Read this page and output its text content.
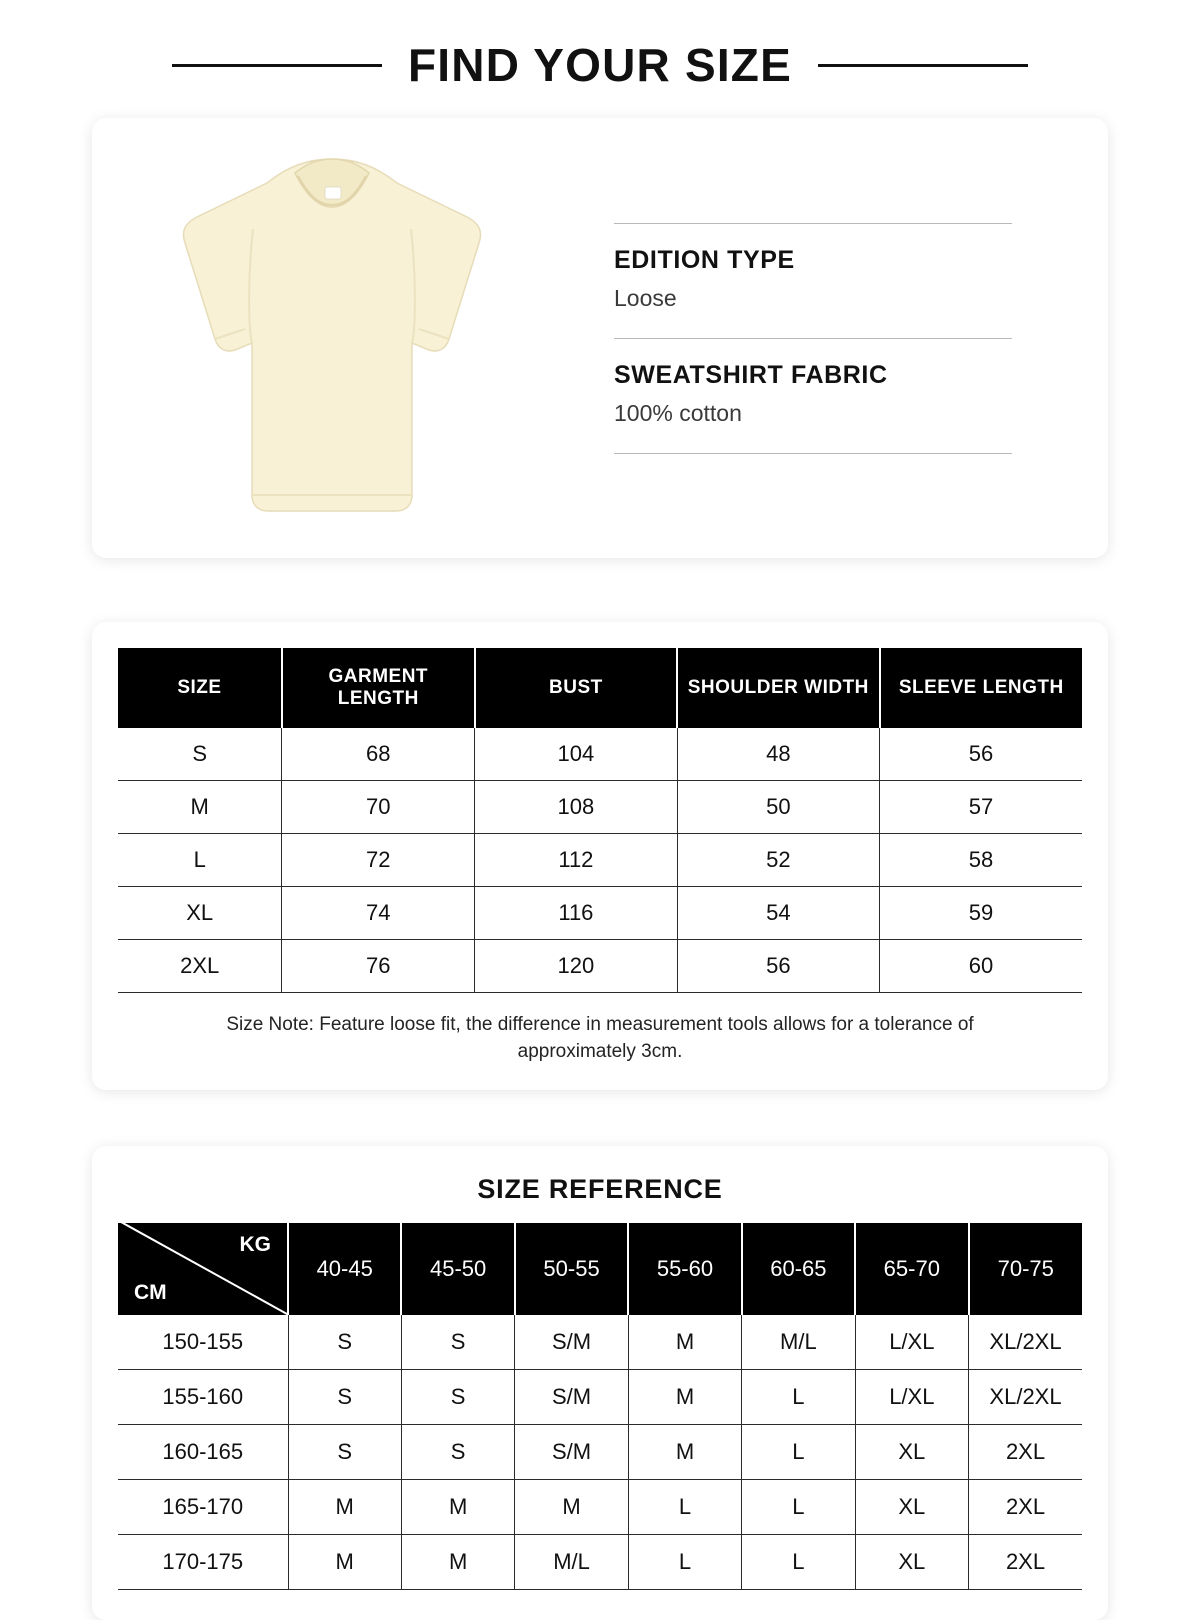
FIND YOUR SIZE

EDITION TYPE

Loose

SWEATSHIRT FABRIC

100% cotton

SIZE	GARMENT LENGTH	BUST	SHOULDER WIDTH	SLEEVE LENGTH
S	68	104	48	56
M	70	108	50	57
L	72	112	52	58
XL	74	116	54	59
2XL	76	120	56	60
Size Note: Feature loose fit, the difference in measurement tools allows for a tolerance of approximately 3cm.
SIZE REFERENCE
KG
CM	40-45	45-50	50-55	55-60	60-65	65-70	70-75
150-155	S	S	S/M	M	M/L	L/XL	XL/2XL
155-160	S	S	S/M	M	L	L/XL	XL/2XL
160-165	S	S	S/M	M	L	XL	2XL
165-170	M	M	M	L	L	XL	2XL
170-175	M	M	M/L	L	L	XL	2XL
